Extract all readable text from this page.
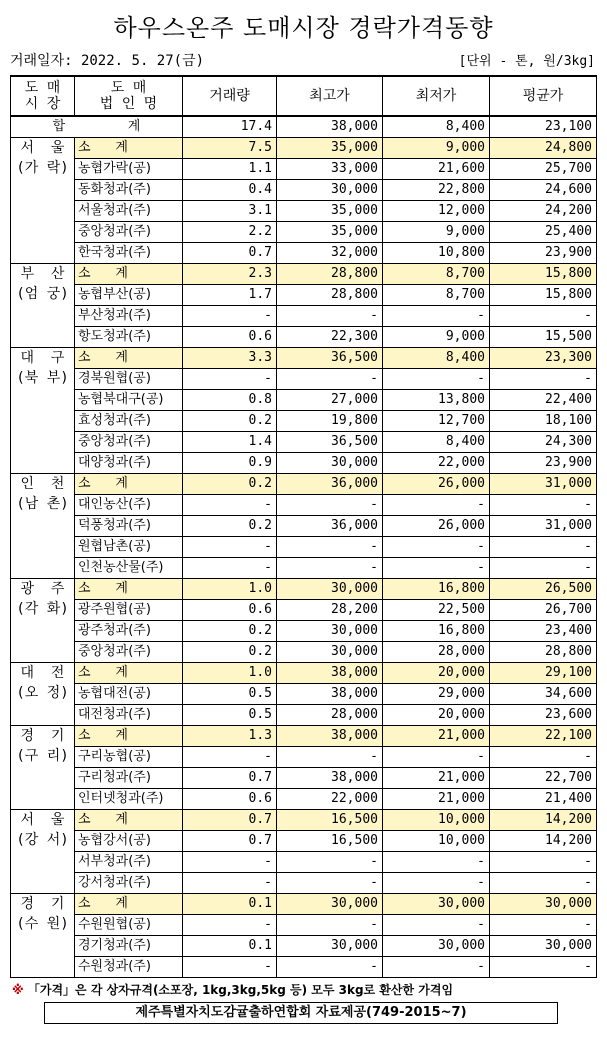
하우스온주 도매시장 경락가격동향
거래일자: 2022. 5. 27(금)	[단위 - 톤, 원/3kg]
도 매
시 장	도 매
법 인 명	거래량	최고가	최저가	평균가
합        계		17.4	38,000	8,400	23,100

서  울
(가 락)	소      계	7.5	35,000	9,000	24,800
	농협가락(공)	1.1	33,000	21,600	25,700
	동화청과(주)	0.4	30,000	22,800	24,600
	서울청과(주)	3.1	35,000	12,000	24,200
	중앙청과(주)	2.2	35,000	9,000	25,400
	한국청과(주)	0.7	32,000	10,800	23,900

부  산
(엄 궁)	소      계	2.3	28,800	8,700	15,800
	농협부산(공)	1.7	28,800	8,700	15,800
	부산청과(주)	-	-	-	-
	항도청과(주)	0.6	22,300	9,000	15,500

대  구
(북 부)	소      계	3.3	36,500	8,400	23,300
	경북원협(공)	-	-	-	-
	농협북대구(공)	0.8	27,000	13,800	22,400
	효성청과(주)	0.2	19,800	12,700	18,100
	중앙청과(주)	1.4	36,500	8,400	24,300
	대양청과(주)	0.9	30,000	22,000	23,900

인  천
(남 촌)	소      계	0.2	36,000	26,000	31,000
	대인농산(주)	-	-	-	-
	덕풍청과(주)	0.2	36,000	26,000	31,000
	원협남촌(공)	-	-	-	-
	인천농산물(주)	-	-	-	-

광  주
(각 화)	소      계	1.0	30,000	16,800	26,500
	광주원협(공)	0.6	28,200	22,500	26,700
	광주청과(주)	0.2	30,000	16,800	23,400
	중앙청과(주)	0.2	30,000	28,000	28,800

대  전
(오 정)	소      계	1.0	38,000	20,000	29,100
	농협대전(공)	0.5	38,000	29,000	34,600
	대전청과(주)	0.5	28,000	20,000	23,600

경  기
(구 리)	소      계	1.3	38,000	21,000	22,100
	구리농협(공)	-	-	-	-
	구리청과(주)	0.7	38,000	21,000	22,700
	인터넷청과(주)	0.6	22,000	21,000	21,400

서  울
(강 서)	소      계	0.7	16,500	10,000	14,200
	농협강서(공)	0.7	16,500	10,000	14,200
	서부청과(주)	-	-	-	-
	강서청과(주)	-	-	-	-

경  기
(수 원)	소      계	0.1	30,000	30,000	30,000
	수원원협(공)	-	-	-	-
	경기청과(주)	0.1	30,000	30,000	30,000
	수원청과(주)	-	-	-	-
※ 「가격」은 각 상자규격(소포장, 1kg,3kg,5kg 등) 모두 3kg로 환산한 가격임
제주특별자치도감귤출하연합회 자료제공(749-2015~7)
